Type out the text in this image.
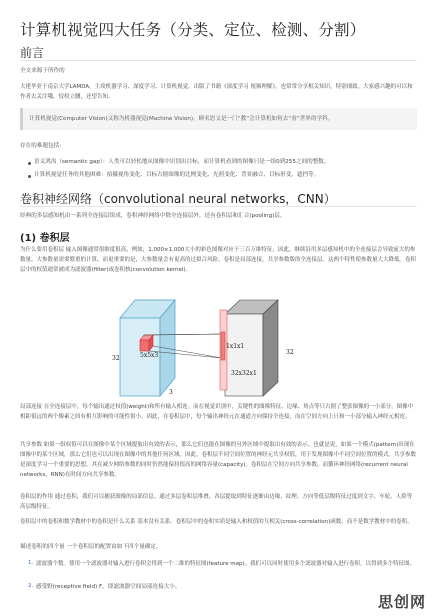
计算机视觉四大任务（分类、定位、检测、分割）
前言
全文来源于所作的
大佬毕业于南京大学LAMDA，主攻机器学习、深度学习、计算机视觉。出版了书籍《深度学习 视频理解》，也常常分享相关知识，特别细致。大家感兴趣的可以和作者去关注哦，侵权立删，还望告知。
计算机视觉(Computer Vision)又称为机器视觉(Machine Vision)，顾名思义是一门“教”会计算机如何去“看”世界的学科。
存在的难题包括：
语义鸿沟（semantic gap）：人类可以轻松地从图像中识别出目标，而计算机看到的图像只是一组0到255之间的整数。
计算机视觉任务的其他困难：拍摄视角变化、目标占据图像的比例变化、光照变化、背景融合、目标形变、遮挡等。
卷积神经网络（convolutional neural networks，CNN）
经典的多层感知机由一系列全连接层组成，卷积神经网络中除全连接层外，还有卷积层和汇合(pooling)层。
(1) 卷积层
为什么要用卷积层 输入图像通常很维度很高，例如，1,000×1,000大小的彩色图像对应于三百万维特征，因此，继续沿用多层感知机中的全连接层会导致庞大的参数量。大参数量需要繁重的计算，而更重要的是，大参数量会有更高的过拟合风险。卷积是局部连接，共享参数版的全连接层。这两个特性使参数量大大降低。卷积层中的权值通常被成为滤波器(filter)或卷积核(convolution kernel)。
32
3
5x5x3
1x1x1
32x32x1
32
局部连接 在全连接层中，每个输出通过权值(weight)和所有输入相连。而在视觉识别中，关键性的图像特征、边缘、角点等只占据了整张图像的一小部分，图像中相距很远的两个像素之间有相互影响的可能性很小。因此，在卷积层中，每个输出神经元在通道方向保持全连接，而在空间方向上只和一小部分输入神经元相连。
共享参数 如果一组权值可以在图像中某个区域提取出有效的表示，那么它们也能在图像的另外区域中提取出有效的表示。也就是说，如果一个模式(pattern)出现在图像中的某个区域，那么它们也可以出现在图像中的其他任何区域。因此，卷积层不同空间位置的神经元共享权值，用于发现图像中不同空间位置的模式。共享参数是深度学习一个重要的思想，其在减少网络参数的同时仍然能保持很高的网络容量(capacity)。卷积层在空间方向共享参数，而循环神经网络(recurrent neural networks，RNN)在时间方向共享参数。
卷积层的作用 通过卷积，我们可以捕获图像的局部信息。通过多层卷积层堆叠，各层提取到特征逐渐由边缘、纹理、方向等低层级特征过度到文字、车轮、人脸等高层级特征。
卷积层中的卷积和数学教材中的卷积是什么关系 基本没有关系。卷积层中的卷积实质是输入和权值的互相关(cross-correlation)函数，而不是数学教材中的卷积。
描述卷积的四个量 一个卷积层的配置由如下四个量确定。
1. 滤波器个数。使用一个滤波器对输入进行卷积会得到一个二维的特征图(feature map)。我们可以同时使用多个滤波器对输入进行卷积，以得到多个特征图。
2. 感受野(receptive field) F，即滤波器空间局部连接大小。
思创网
